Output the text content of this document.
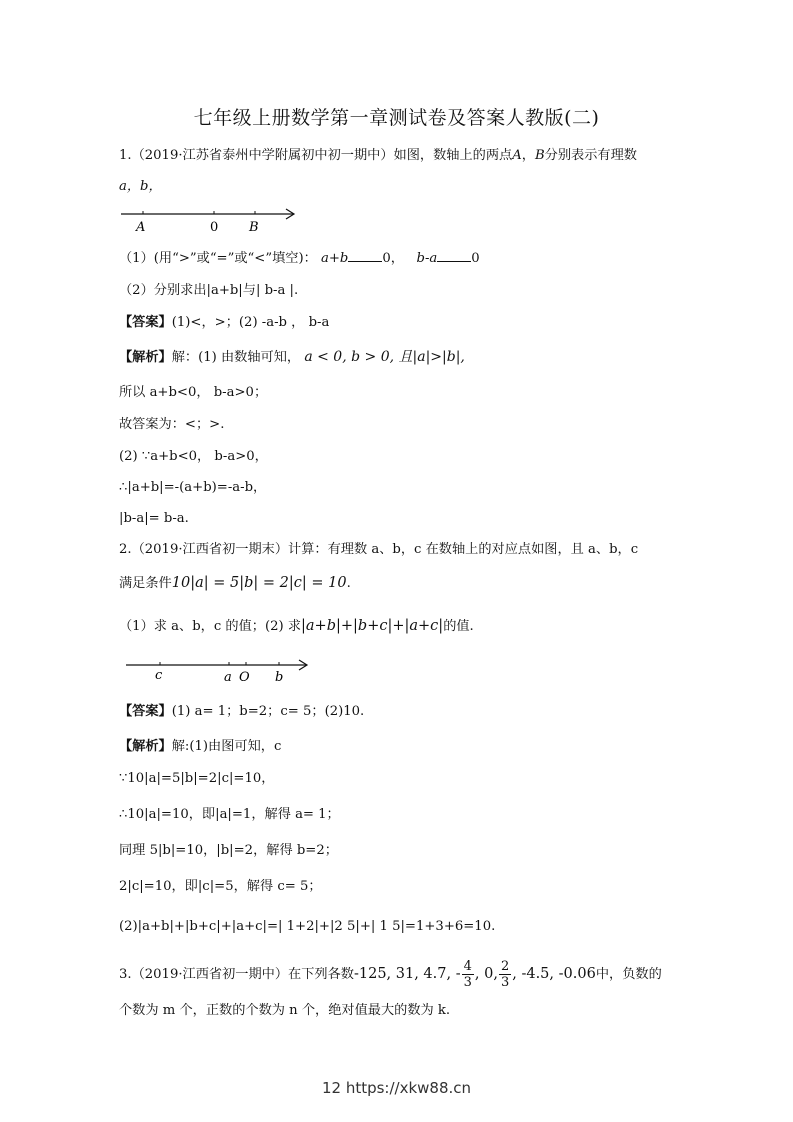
七年级上册数学第一章测试卷及答案人教版(二)
1.（2019·江苏省泰州中学附属初中初一期中）如图，数轴上的两点A，B分别表示有理数
a，b，
A	0 B
（1）(用“>”或“=”或“<”填空)： a+b	0， b-a	0
（2）分别求出|a+b|与| b-a |.
【答案】(1)<，>；(2) -a-b ， b-a
【解析】解：(1) 由数轴可知， a < 0, b > 0, 且|a|>|b|,
所以 a+b<0， b-a>0；
故答案为：<；>.
(2) ∵a+b<0， b-a>0，
∴|a+b|=-(a+b)=-a-b，
|b-a|= b-a.
2.（2019·江西省初一期末）计算：有理数 a、b，c 在数轴上的对应点如图，且 a、b，c
满足条件10|a| = 5|b| = 2|c| = 10.
（1）求 a、b，c 的值；(2) 求|a+b|+|b+c|+|a+c|的值.
c	a O b
【答案】(1) a= 1；b=2；c= 5；(2)10.
【解析】解:(1)由图可知，c
∵10|a|=5|b|=2|c|=10，
∴10|a|=10，即|a|=1，解得 a= 1；
同理 5|b|=10，|b|=2，解得 b=2；
2|c|=10，即|c|=5，解得 c= 5；
(2)|a+b|+|b+c|+|a+c|=| 1+2|+|2 5|+| 1 5|=1+3+6=10.
3.（2019·江西省初一期中）在下列各数-125, 31, 4.7, - $\frac{4}{3}$ , 0, $\frac{2}{3}$ , -4.5, -0.06中，负数的
个数为 m 个，正数的个数为 n 个，绝对值最大的数为 k.
12 https://xkw88.cn
